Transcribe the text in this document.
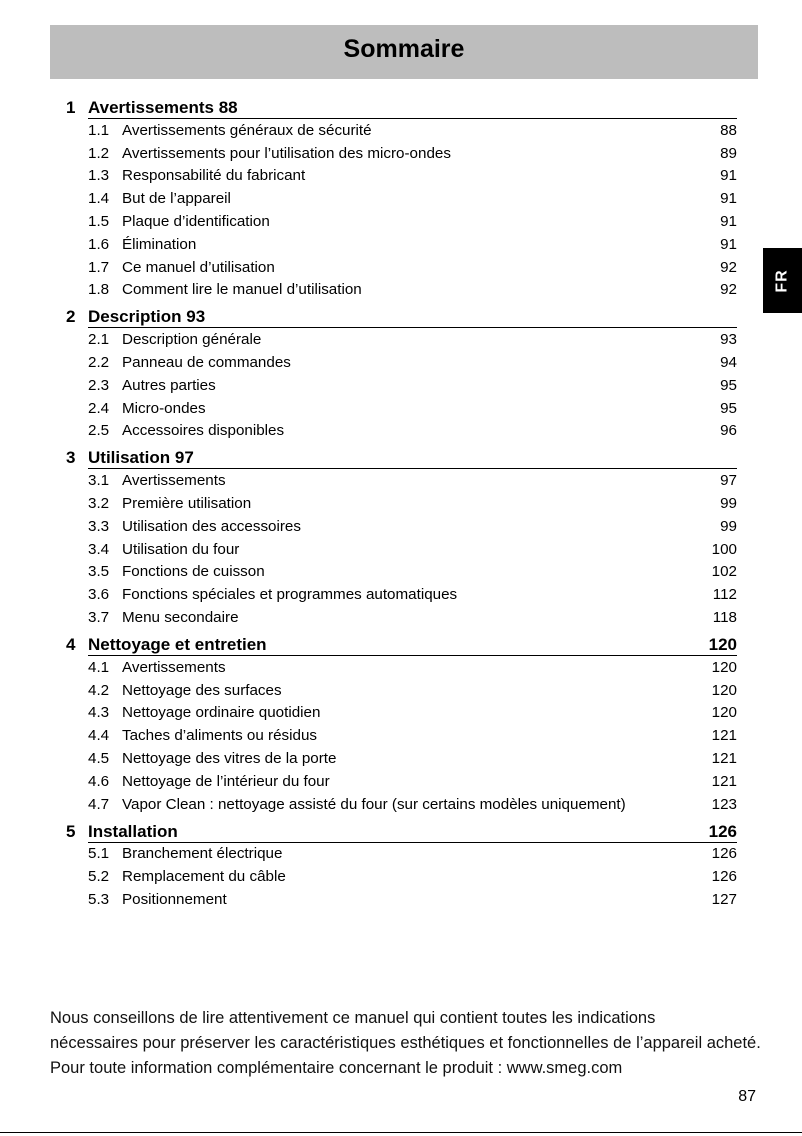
Sommaire
FR
1 Avertissements 88
1.1 Avertissements généraux de sécurité	88
1.2 Avertissements pour l’utilisation des micro-ondes	89
1.3 Responsabilité du fabricant	91
1.4 But de l’appareil	91
1.5 Plaque d’identification	91
1.6 Élimination	91
1.7 Ce manuel d’utilisation	92
1.8 Comment lire le manuel d’utilisation	92
2 Description 93
2.1 Description générale	93
2.2 Panneau de commandes	94
2.3 Autres parties	95
2.4 Micro-ondes	95
2.5 Accessoires disponibles	96
3 Utilisation 97
3.1 Avertissements	97
3.2 Première utilisation	99
3.3 Utilisation des accessoires	99
3.4 Utilisation du four	100
3.5 Fonctions de cuisson	102
3.6 Fonctions spéciales et programmes automatiques	112
3.7 Menu secondaire	118
4 Nettoyage et entretien	120
4.1 Avertissements	120
4.2 Nettoyage des surfaces	120
4.3 Nettoyage ordinaire quotidien	120
4.4 Taches d’aliments ou résidus	121
4.5 Nettoyage des vitres de la porte	121
4.6 Nettoyage de l’intérieur du four	121
4.7 Vapor Clean : nettoyage assisté du four (sur certains modèles uniquement)	123
5 Installation	126
5.1 Branchement électrique	126
5.2 Remplacement du câble	126
5.3 Positionnement	127

Nous conseillons de lire attentivement ce manuel qui contient toutes les indications

nécessaires pour préserver les caractéristiques esthétiques et fonctionnelles de l’appareil acheté.

Pour toute information complémentaire concernant le produit : www.smeg.com

87
